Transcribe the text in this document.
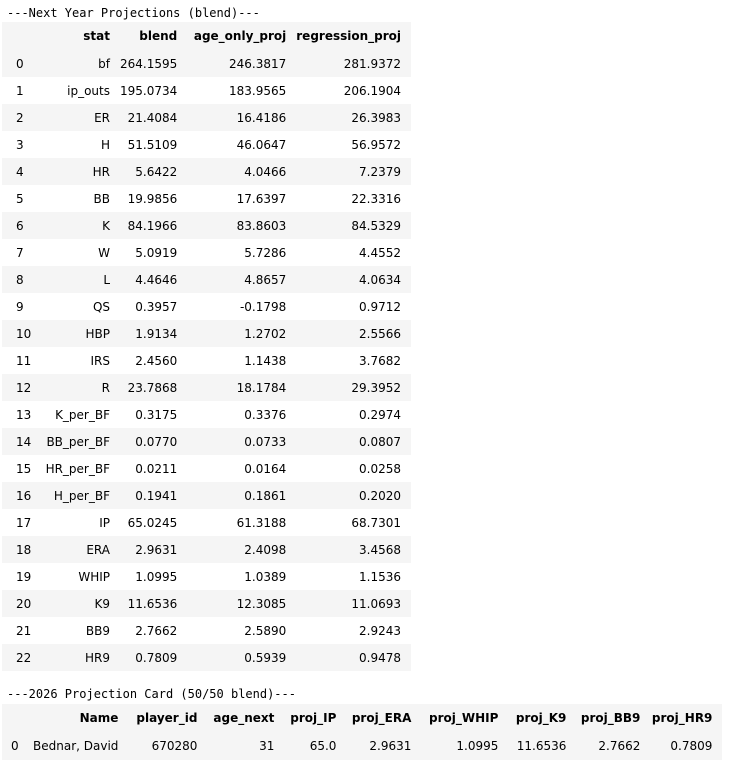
---Next Year Projections (blend)---
	stat	blend	age_only_proj	regression_proj
0	bf	264.1595	246.3817	281.9372
1	ip_outs	195.0734	183.9565	206.1904
2	ER	21.4084	16.4186	26.3983
3	H	51.5109	46.0647	56.9572
4	HR	5.6422	4.0466	7.2379
5	BB	19.9856	17.6397	22.3316
6	K	84.1966	83.8603	84.5329
7	W	5.0919	5.7286	4.4552
8	L	4.4646	4.8657	4.0634
9	QS	0.3957	-0.1798	0.9712
10	HBP	1.9134	1.2702	2.5566
11	IRS	2.4560	1.1438	3.7682
12	R	23.7868	18.1784	29.3952
13	K_per_BF	0.3175	0.3376	0.2974
14	BB_per_BF	0.0770	0.0733	0.0807
15	HR_per_BF	0.0211	0.0164	0.0258
16	H_per_BF	0.1941	0.1861	0.2020
17	IP	65.0245	61.3188	68.7301
18	ERA	2.9631	2.4098	3.4568
19	WHIP	1.0995	1.0389	1.1536
20	K9	11.6536	12.3085	11.0693
21	BB9	2.7662	2.5890	2.9243
22	HR9	0.7809	0.5939	0.9478
---2026 Projection Card (50/50 blend)---
	Name	player_id	age_next	proj_IP	proj_ERA	proj_WHIP	proj_K9	proj_BB9	proj_HR9
0	Bednar, David	670280	31	65.0	2.9631	1.0995	11.6536	2.7662	0.7809
